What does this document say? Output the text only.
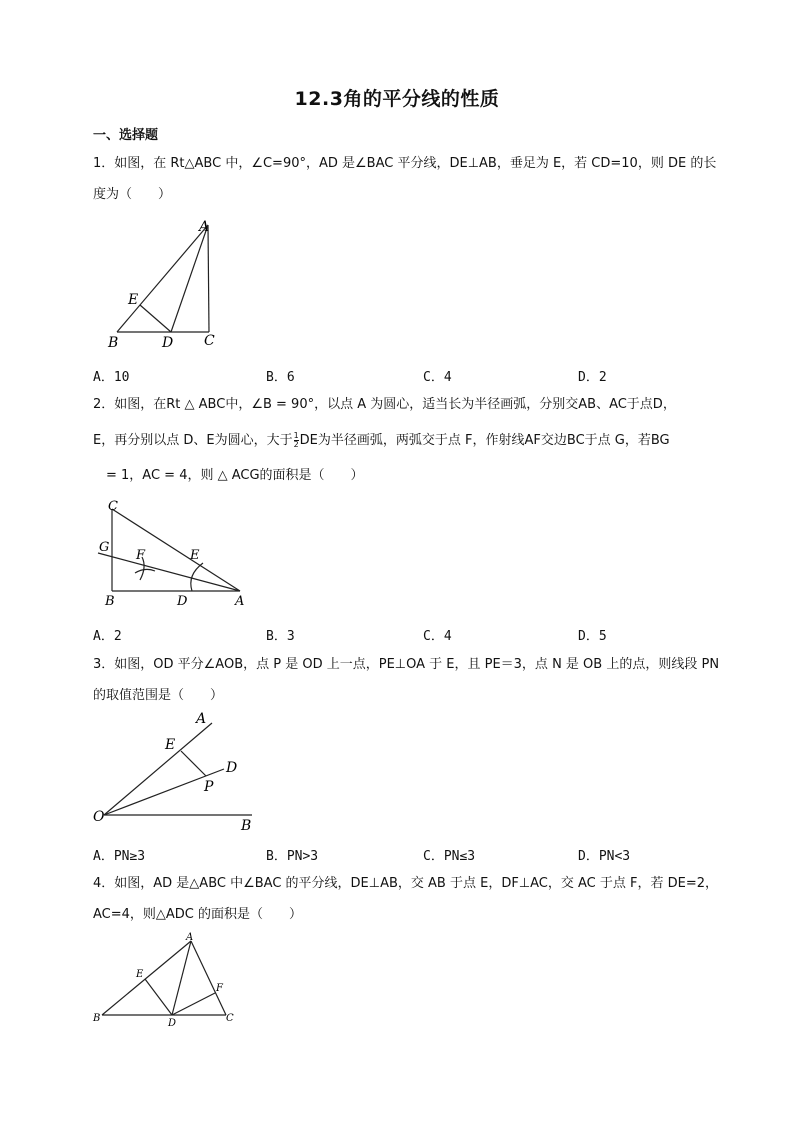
12.3角的平分线的性质
一、选择题
1．如图，在 Rt△ABC 中，∠C=90°，AD 是∠BAC 平分线，DE⊥AB，垂足为 E，若 CD=10，则 DE 的长
度为（　　）
A
E
B	D C
A．10	B．6	C．4	D．2
2．如图，在Rt △ ABC中，∠B = 90°，以点 A 为圆心，适当长为半径画弧，分别交AB、AC于点D，
E，再分别以点 D、E为圆心，大于 $\frac{1}{2}$ DE为半径画弧，两弧交于点 F，作射线AF交边BC于点 G，若BG
　= 1，AC = 4，则 △ ACG的面积是（　　）
C
G
F	E
B	D	A
A．2	B．3	C．4	D．5
3．如图，OD 平分∠AOB，点 P 是 OD 上一点，PE⊥OA 于 E，且 PE＝3，点 N 是 OB 上的点，则线段 PN
的取值范围是（　　）
A
E
D
P
O
B
A．PN≥3	B．PN>3	C．PN≤3	D．PN<3
4．如图，AD 是△ABC 中∠BAC 的平分线，DE⊥AB，交 AB 于点 E，DF⊥AC，交 AC 于点 F，若 DE=2，
AC=4，则△ADC 的面积是（　　）
A
E
F
B	D	C
